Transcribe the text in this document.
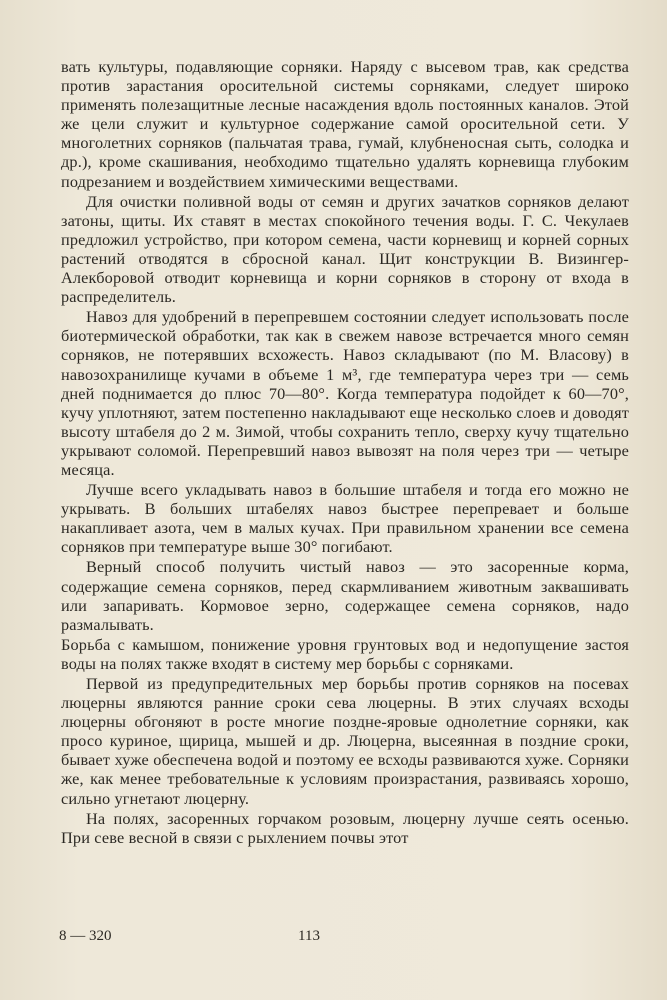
вать культуры, подавляющие сорняки. Наряду с высевом трав, как средства против зарастания оросительной системы сорняками, следует широко применять полезащитные лесные насаждения вдоль постоянных каналов. Этой же цели служит и культурное содержание самой оросительной сети. У многолетних сорняков (пальчатая трава, гумай, клубненосная сыть, солодка и др.), кроме скашивания, необходимо тщательно удалять корневища глубоким подрезанием и воздействием химическими веществами.

Для очистки поливной воды от семян и других зачатков сорняков делают затоны, щиты. Их ставят в местах спокойного течения воды. Г. С. Чекулаев предложил устройство, при котором семена, части корневищ и корней сорных растений отводятся в сбросной канал. Щит конструкции В. Визингер-Алекборовой отводит корневища и корни сорняков в сторону от входа в распределитель.

Навоз для удобрений в перепревшем состоянии следует использовать после биотермической обработки, так как в свежем навозе встречается много семян сорняков, не потерявших всхожесть. Навоз складывают (по М. Власову) в навозохранилище кучами в объеме 1 м³, где температура через три — семь дней поднимается до плюс 70—80°. Когда температура подойдет к 60—70°, кучу уплотняют, затем постепенно накладывают еще несколько слоев и доводят высоту штабеля до 2 м. Зимой, чтобы сохранить тепло, сверху кучу тщательно укрывают соломой. Перепревший навоз вывозят на поля через три — четыре месяца.

Лучше всего укладывать навоз в большие штабеля и тогда его можно не укрывать. В больших штабелях навоз быстрее перепревает и больше накапливает азота, чем в малых кучах. При правильном хранении все семена сорняков при температуре выше 30° погибают.

Верный способ получить чистый навоз — это засоренные корма, содержащие семена сорняков, перед скармливанием животным заквашивать или запаривать. Кормовое зерно, содержащее семена сорняков, надо размалывать.

Борьба с камышом, понижение уровня грунтовых вод и недопущение застоя воды на полях также входят в систему мер борьбы с сорняками.

Первой из предупредительных мер борьбы против сорняков на посевах люцерны являются ранние сроки сева люцерны. В этих случаях всходы люцерны обгоняют в росте многие поздне-яровые однолетние сорняки, как просо куриное, щирица, мышей и др. Люцерна, высеянная в поздние сроки, бывает хуже обеспечена водой и поэтому ее всходы развиваются хуже. Сорняки же, как менее требовательные к условиям произрастания, развиваясь хорошо, сильно угнетают люцерну.

На полях, засоренных горчаком розовым, люцерну лучше сеять осенью. При севе весной в связи с рыхлением почвы этот

8 — 320	113
